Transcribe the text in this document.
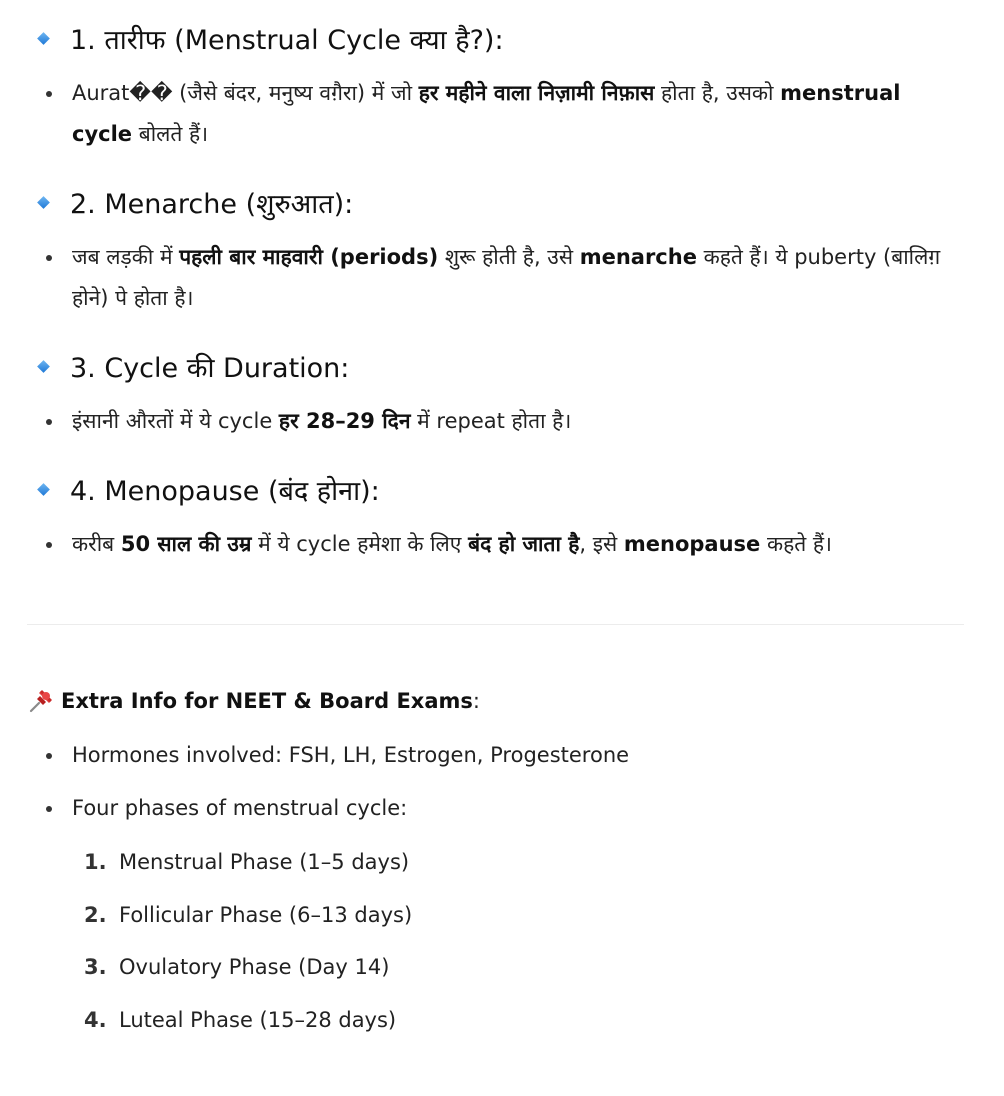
1. तारीफ (Menstrual Cycle क्या है?):
Aurat�� (जैसे बंदर, मनुष्य वग़ैरा) में जो हर महीने वाला निज़ामी निफ़ास होता है, उसको menstrual cycle बोलते हैं।
2. Menarche (शुरुआत):
जब लड़की में पहली बार माहवारी (periods) शुरू होती है, उसे menarche कहते हैं। ये puberty (बालिग़ होने) पे होता है।
3. Cycle की Duration:
इंसानी औरतों में ये cycle हर 28–29 दिन में repeat होता है।
4. Menopause (बंद होना):
करीब 50 साल की उम्र में ये cycle हमेशा के लिए बंद हो जाता है, इसे menopause कहते हैं।
Extra Info for NEET & Board Exams :
Hormones involved: FSH, LH, Estrogen, Progesterone
Four phases of menstrual cycle:
1. Menstrual Phase (1–5 days)
2. Follicular Phase (6–13 days)
3. Ovulatory Phase (Day 14)
4. Luteal Phase (15–28 days)
